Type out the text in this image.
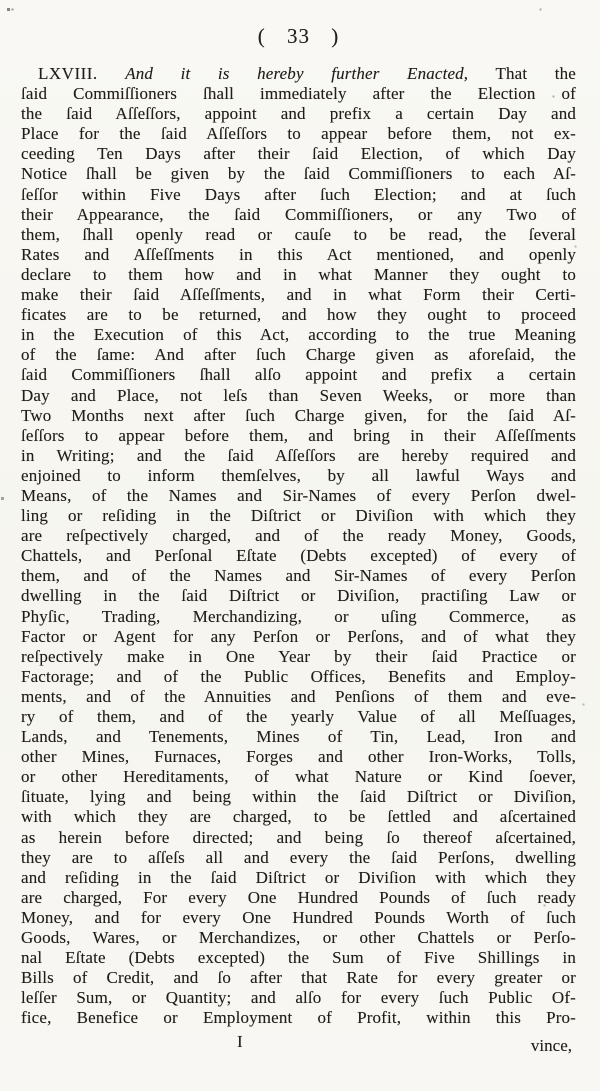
( 33 )
LXVIII. And it is hereby further Enacted, That the
ſaid Commiſſioners ſhall immediately after the Election of
the ſaid Aſſeſſors, appoint and prefix a certain Day and
Place for the ſaid Aſſeſſors to appear before them, not ex-
ceeding Ten Days after their ſaid Election, of which Day
Notice ſhall be given by the ſaid Commiſſioners to each Aſ-
ſeſſor within Five Days after ſuch Election; and at ſuch
their Appearance, the ſaid Commiſſioners, or any Two of
them, ſhall openly read or cauſe to be read, the ſeveral
Rates and Aſſeſſments in this Act mentioned, and openly
declare to them how and in what Manner they ought to
make their ſaid Aſſeſſments, and in what Form their Certi-
ficates are to be returned, and how they ought to proceed
in the Execution of this Act, according to the true Meaning
of the ſame: And after ſuch Charge given as aforeſaid, the
ſaid Commiſſioners ſhall alſo appoint and prefix a certain
Day and Place, not leſs than Seven Weeks, or more than
Two Months next after ſuch Charge given, for the ſaid Aſ-
ſeſſors to appear before them, and bring in their Aſſeſſments
in Writing; and the ſaid Aſſeſſors are hereby required and
enjoined to inform themſelves, by all lawful Ways and
Means, of the Names and Sir-Names of every Perſon dwel-
ling or reſiding in the Diſtrict or Diviſion with which they
are reſpectively charged, and of the ready Money, Goods,
Chattels, and Perſonal Eſtate (Debts excepted) of every of
them, and of the Names and Sir-Names of every Perſon
dwelling in the ſaid Diſtrict or Diviſion, practiſing Law or
Phyſic, Trading, Merchandizing, or uſing Commerce, as
Factor or Agent for any Perſon or Perſons, and of what they
reſpectively make in One Year by their ſaid Practice or
Factorage; and of the Public Offices, Benefits and Employ-
ments, and of the Annuities and Penſions of them and eve-
ry of them, and of the yearly Value of all Meſſuages,
Lands, and Tenements, Mines of Tin, Lead, Iron and
other Mines, Furnaces, Forges and other Iron-Works, Tolls,
or other Hereditaments, of what Nature or Kind ſoever,
ſituate, lying and being within the ſaid Diſtrict or Diviſion,
with which they are charged, to be ſettled and aſcertained
as herein before directed; and being ſo thereof aſcertained,
they are to aſſeſs all and every the ſaid Perſons, dwelling
and reſiding in the ſaid Diſtrict or Diviſion with which they
are charged, For every One Hundred Pounds of ſuch ready
Money, and for every One Hundred Pounds Worth of ſuch
Goods, Wares, or Merchandizes, or other Chattels or Perſo-
nal Eſtate (Debts excepted) the Sum of Five Shillings in
Bills of Credit, and ſo after that Rate for every greater or
leſſer Sum, or Quantity; and alſo for every ſuch Public Of-
fice, Benefice or Employment of Profit, within this Pro-
I	vince,
